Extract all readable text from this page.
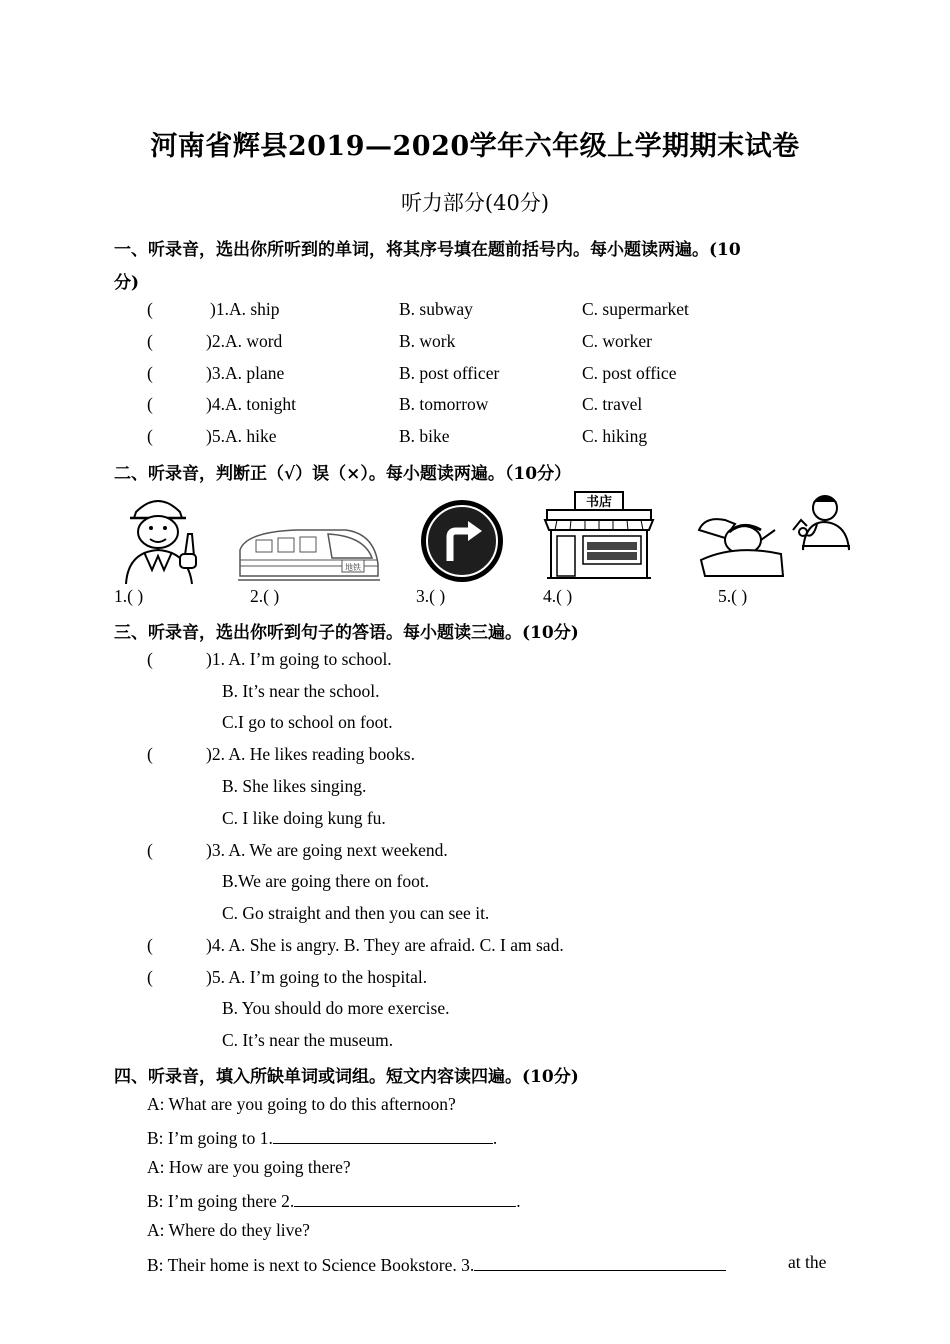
河南省辉县2019—2020学年六年级上学期期末试卷
听力部分(40分)
一、听录音，选出你所听到的单词，将其序号填在题前括号内。每小题读两遍。(10
分)
(	)1.A. ship	B. subway	C. supermarket
(	)2.A. word	B. work	C. worker
(	)3.A. plane	B. post officer	C. post office
(	)4.A. tonight	B. tomorrow	C. travel
(	)5.A. hike	B. bike	C. hiking
二、听录音，判断正（√）误（×）。每小题读两遍。（10分）
地铁
书店
1.( )	2.( )	3.( )	4.( )	5.( )
三、听录音，选出你听到句子的答语。每小题读三遍。(10分)
(	)1. A. I’m going to school.
B. It’s near the school.
C.I go to school on foot.
(	)2. A. He likes reading books.
B. She likes singing.
C. I like doing kung fu.
(	)3. A. We are going next weekend.
B.We are going there on foot.
C. Go straight and then you can see it.
(	)4. A. She is angry. B. They are afraid. C. I am sad.
(	)5. A. I’m going to the hospital.
B. You should do more exercise.
C. It’s near the museum.
四、听录音，填入所缺单词或词组。短文内容读四遍。(10分)
A: What are you going to do this afternoon?
B: I’m going to 1.	.
A: How are you going there?
B: I’m going there 2.	.
A: Where do they live?
B: Their home is next to Science Bookstore. 3.	at the
